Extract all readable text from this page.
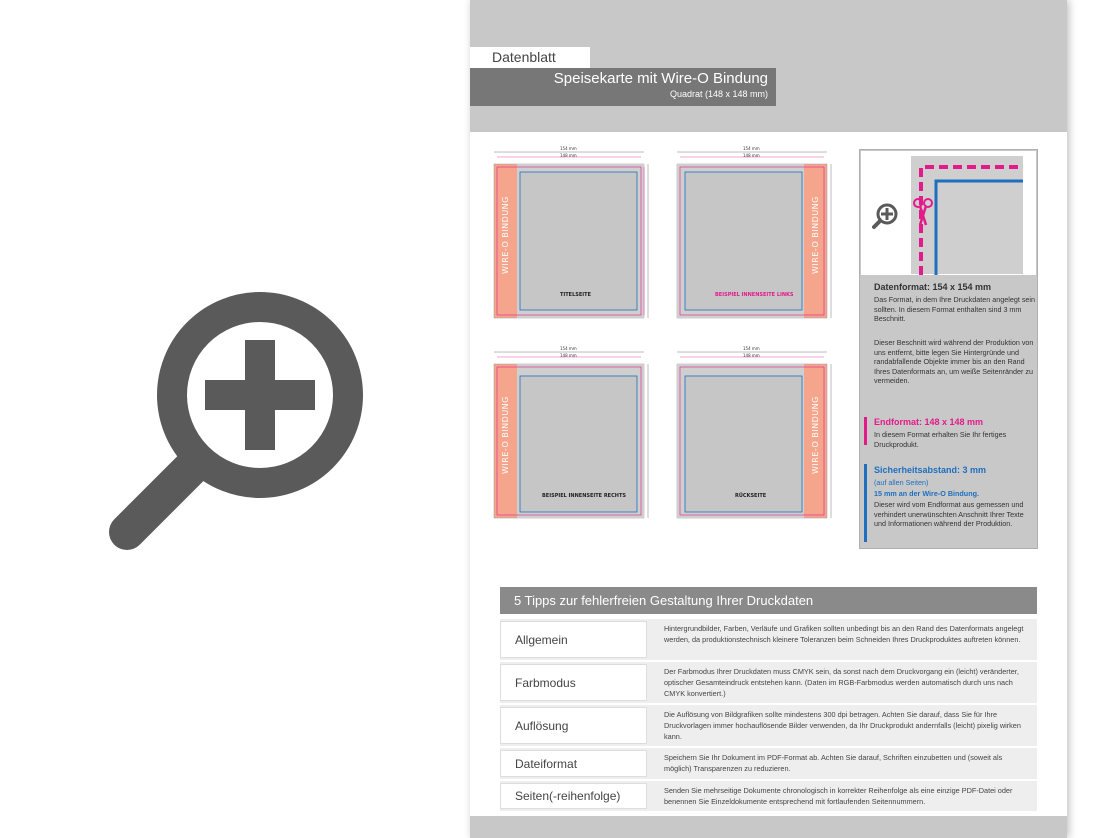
Datenblatt
Speisekarte mit Wire-O Bindung
Quadrat (148 x 148 mm)
154 mm
148 mm
WIRE-O BINDUNG
TITELSEITE
154 mm
148 mm
WIRE-O BINDUNG
BEISPIEL INNENSEITE LINKS
154 mm
148 mm
WIRE-O BINDUNG
BEISPIEL INNENSEITE RECHTS
154 mm
148 mm
WIRE-O BINDUNG
RÜCKSEITE
Datenformat: 154 x 154 mm
Das Format, in dem Ihre Druckdaten angelegt sein sollten. In diesem Format enthalten sind 3 mm Beschnitt.
Dieser Beschnitt wird während der Produktion von uns entfernt, bitte legen Sie Hintergründe und randabfallende Objekte immer bis an den Rand Ihres Datenformats an, um weiße Seitenränder zu vermeiden.
Endformat: 148 x 148 mm
In diesem Format erhalten Sie Ihr fertiges Druckprodukt.
Sicherheitsabstand: 3 mm
(auf allen Seiten)
15 mm an der Wire-O Bindung.
Dieser wird vom Endformat aus gemessen und verhindert unerwünschten Anschnitt Ihrer Texte und Informationen während der Produktion.
5 Tipps zur fehlerfreien Gestaltung Ihrer Druckdaten
Allgemein
Hintergrundbilder, Farben, Verläufe und Grafiken sollten unbedingt bis an den Rand des Datenformats angelegt werden, da produktionstechnisch kleinere Toleranzen beim Schneiden Ihres Druckproduktes auftreten können.
Farbmodus
Der Farbmodus Ihrer Druckdaten muss CMYK sein, da sonst nach dem Druckvorgang ein (leicht) veränderter, optischer Gesamteindruck entstehen kann. (Daten im RGB-Farbmodus werden automatisch durch uns nach CMYK konvertiert.)
Auflösung
Die Auflösung von Bildgrafiken sollte mindestens 300 dpi betragen. Achten Sie darauf, dass Sie für Ihre Druckvorlagen immer hochauflösende Bilder verwenden, da Ihr Druckprodukt andernfalls (leicht) pixelig wirken kann.
Dateiformat	Speichern Sie Ihr Dokument im PDF-Format ab. Achten Sie darauf, Schriften einzubetten und (soweit als möglich) Transparenzen zu reduzieren.
Seiten(-reihenfolge)	Senden Sie mehrseitige Dokumente chronologisch in korrekter Reihenfolge als eine einzige PDF-Datei oder benennen Sie Einzeldokumente entsprechend mit fortlaufenden Seitennummern.
